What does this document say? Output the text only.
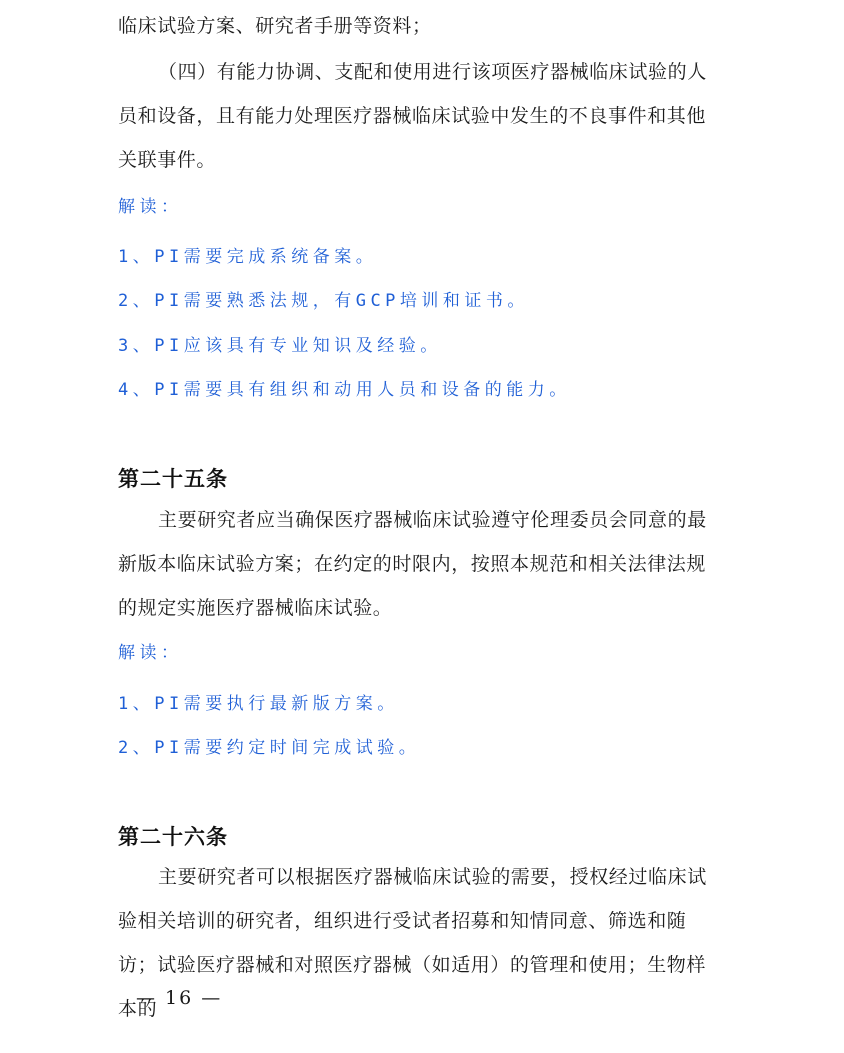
临床试验方案、研究者手册等资料；

（四）有能力协调、支配和使用进行该项医疗器械临床试验的人员和设备，且有能力处理医疗器械临床试验中发生的不良事件和其他关联事件。

解读：

1、PI需要完成系统备案。

2、PI需要熟悉法规，有GCP培训和证书。

3、PI应该具有专业知识及经验。

4、PI需要具有组织和动用人员和设备的能力。

第二十五条

主要研究者应当确保医疗器械临床试验遵守伦理委员会同意的最新版本临床试验方案；在约定的时限内，按照本规范和相关法律法规的规定实施医疗器械临床试验。

解读：

1、PI需要执行最新版方案。

2、PI需要约定时间完成试验。

第二十六条

主要研究者可以根据医疗器械临床试验的需要，授权经过临床试验相关培训的研究者，组织进行受试者招募和知情同意、筛选和随访；试验医疗器械和对照医疗器械（如适用）的管理和使用；生物样本的

— 16 —
